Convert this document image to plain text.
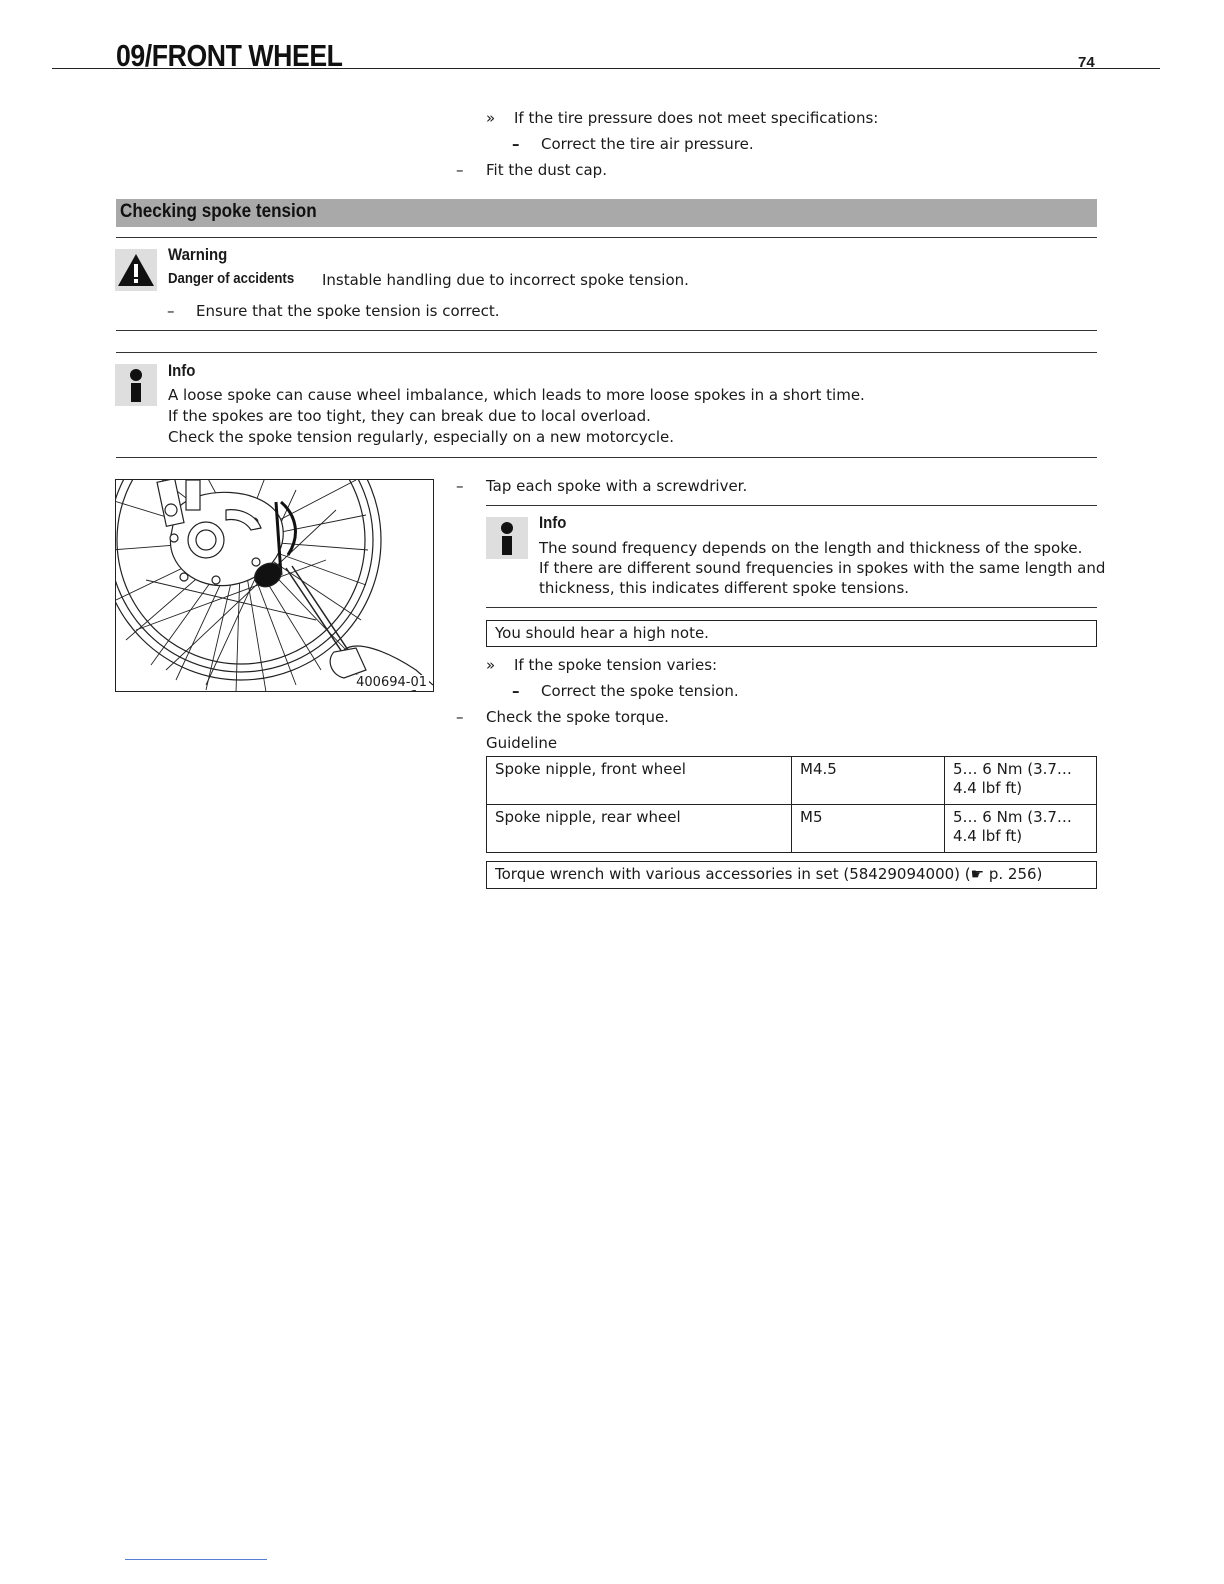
09/FRONT WHEEL	74
» If the tire pressure does not meet specifications:
– Correct the tire air pressure.
– Fit the dust cap.
Checking spoke tension
Warning
Danger of accidents Instable handling due to incorrect spoke tension.
– Ensure that the spoke tension is correct.
Info
A loose spoke can cause wheel imbalance, which leads to more loose spokes in a short time.
If the spokes are too tight, they can break due to local overload.
Check the spoke tension regularly, especially on a new motorcycle.
400694-01
– Tap each spoke with a screwdriver.
Info
The sound frequency depends on the length and thickness of the spoke.
If there are different sound frequencies in spokes with the same length and
thickness, this indicates different spoke tensions.
You should hear a high note.
» If the spoke tension varies:
– Correct the spoke tension.
– Check the spoke torque.
Guideline
Spoke nipple, front wheel	M4.5	5… 6 Nm (3.7…
4.4 lbf ft)

Spoke nipple, rear wheel	M5	5… 6 Nm (3.7…
4.4 lbf ft)
Torque wrench with various accessories in set (58429094000) (☛ p. 256)
